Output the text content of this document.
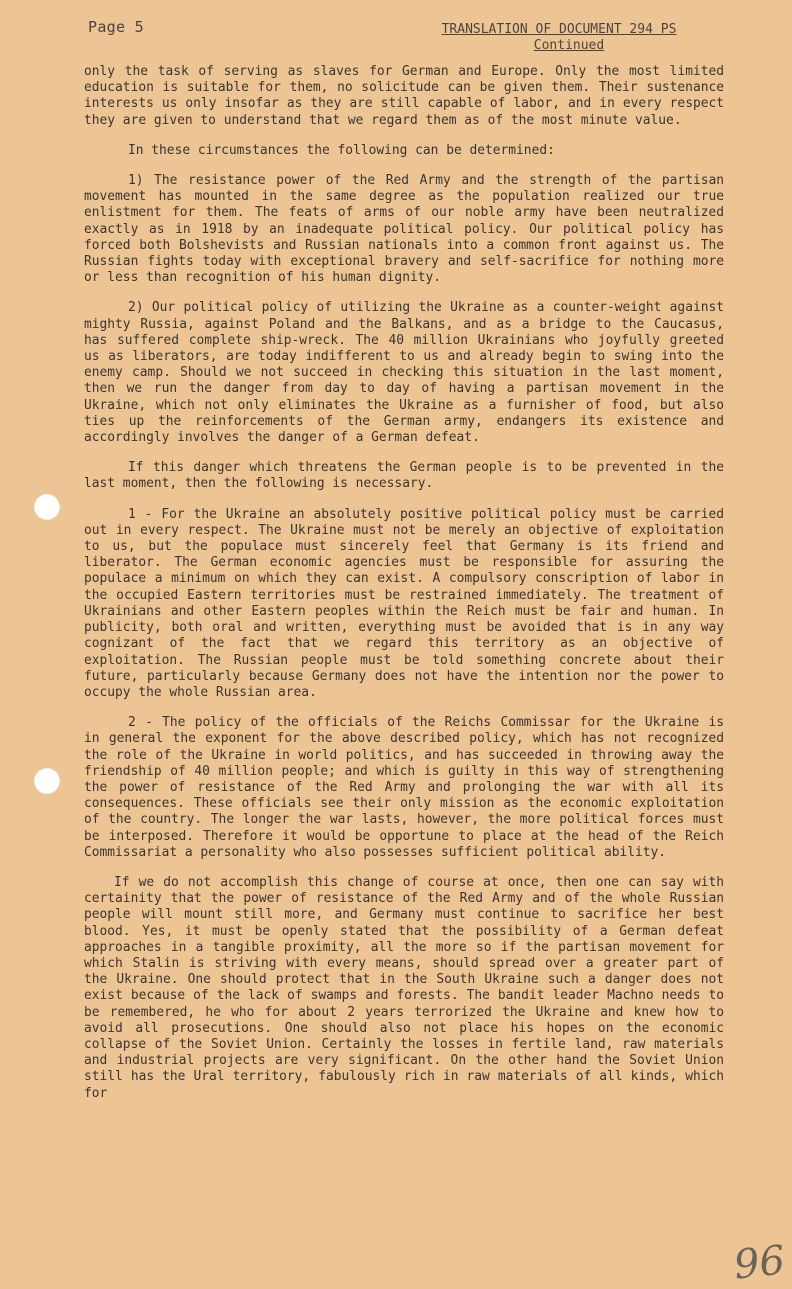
Page 5	TRANSLATION OF DOCUMENT 294 PS
Continued

only the task of serving as slaves for German and Europe. Only the most limited education is suitable for them, no solicitude can be given them. Their sustenance interests us only insofar as they are still capable of labor, and in every respect they are given to understand that we regard them as of the most minute value.

In these circumstances the following can be determined:

1) The resistance power of the Red Army and the strength of the partisan movement has mounted in the same degree as the population realized our true enlistment for them. The feats of arms of our noble army have been neutralized exactly as in 1918 by an inadequate political policy. Our political policy has forced both Bolshevists and Russian nationals into a common front against us. The Russian fights today with exceptional bravery and self-sacrifice for nothing more or less than recognition of his human dignity.

2) Our political policy of utilizing the Ukraine as a counter-weight against mighty Russia, against Poland and the Balkans, and as a bridge to the Caucasus, has suffered complete ship-wreck. The 40 million Ukrainians who joyfully greeted us as liberators, are today indifferent to us and already begin to swing into the enemy camp. Should we not succeed in checking this situation in the last moment, then we run the danger from day to day of having a partisan movement in the Ukraine, which not only eliminates the Ukraine as a furnisher of food, but also ties up the reinforcements of the German army, endangers its existence and accordingly involves the danger of a German defeat.

If this danger which threatens the German people is to be prevented in the last moment, then the following is necessary.

1 - For the Ukraine an absolutely positive political policy must be carried out in every respect. The Ukraine must not be merely an objective of exploitation to us, but the populace must sincerely feel that Germany is its friend and liberator. The German economic agencies must be responsible for assuring the populace a minimum on which they can exist. A compulsory conscription of labor in the occupied Eastern territories must be restrained immediately. The treatment of Ukrainians and other Eastern peoples within the Reich must be fair and human. In publicity, both oral and written, everything must be avoided that is in any way cognizant of the fact that we regard this territory as an objective of exploitation. The Russian people must be told something concrete about their future, particularly because Germany does not have the intention nor the power to occupy the whole Russian area.

2 - The policy of the officials of the Reichs Commissar for the Ukraine is in general the exponent for the above described policy, which has not recognized the role of the Ukraine in world politics, and has succeeded in throwing away the friendship of 40 million people; and which is guilty in this way of strengthening the power of resistance of the Red Army and prolonging the war with all its consequences. These officials see their only mission as the economic exploitation of the country. The longer the war lasts, however, the more political forces must be interposed. Therefore it would be opportune to place at the head of the Reich Commissariat a personality who also possesses sufficient political ability.

If we do not accomplish this change of course at once, then one can say with certainity that the power of resistance of the Red Army and of the whole Russian people will mount still more, and Germany must continue to sacrifice her best blood. Yes, it must be openly stated that the possibility of a German defeat approaches in a tangible proximity, all the more so if the partisan movement for which Stalin is striving with every means, should spread over a greater part of the Ukraine. One should protect that in the South Ukraine such a danger does not exist because of the lack of swamps and forests. The bandit leader Machno needs to be remembered, he who for about 2 years terrorized the Ukraine and knew how to avoid all prosecutions. One should also not place his hopes on the economic collapse of the Soviet Union. Certainly the losses in fertile land, raw materials and industrial projects are very significant. On the other hand the Soviet Union still has the Ural territory, fabulously rich in raw materials of all kinds, which for

96
